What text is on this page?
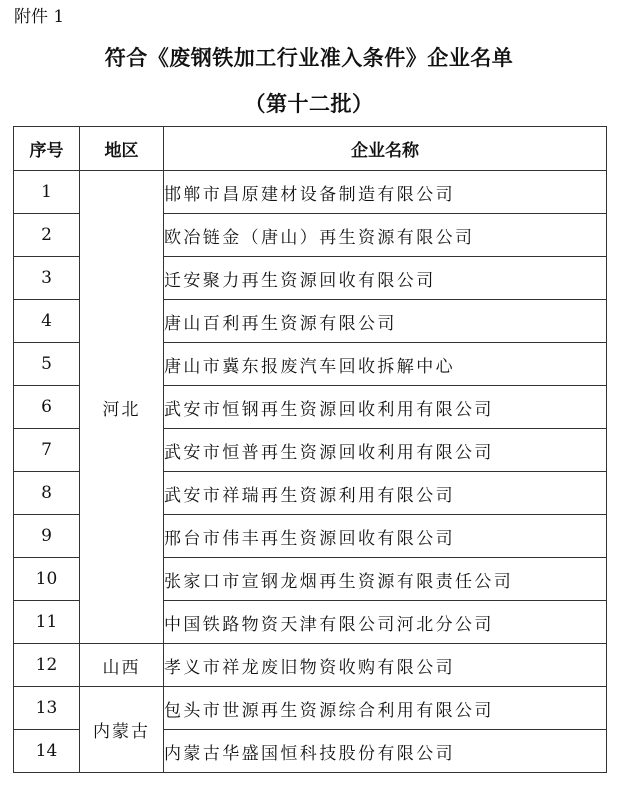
附件 1
符合《废钢铁加工行业准入条件》企业名单
（第十二批）
序号	地区	企业名称
1	河北	邯郸市昌原建材设备制造有限公司
2		欧冶链金（唐山）再生资源有限公司
3		迁安聚力再生资源回收有限公司
4		唐山百利再生资源有限公司
5		唐山市冀东报废汽车回收拆解中心
6		武安市恒钢再生资源回收利用有限公司
7		武安市恒普再生资源回收利用有限公司
8		武安市祥瑞再生资源利用有限公司
9		邢台市伟丰再生资源回收有限公司
10		张家口市宣钢龙烟再生资源有限责任公司
11		中国铁路物资天津有限公司河北分公司
12	山西	孝义市祥龙废旧物资收购有限公司
13	内蒙古	包头市世源再生资源综合利用有限公司
14		内蒙古华盛国恒科技股份有限公司
